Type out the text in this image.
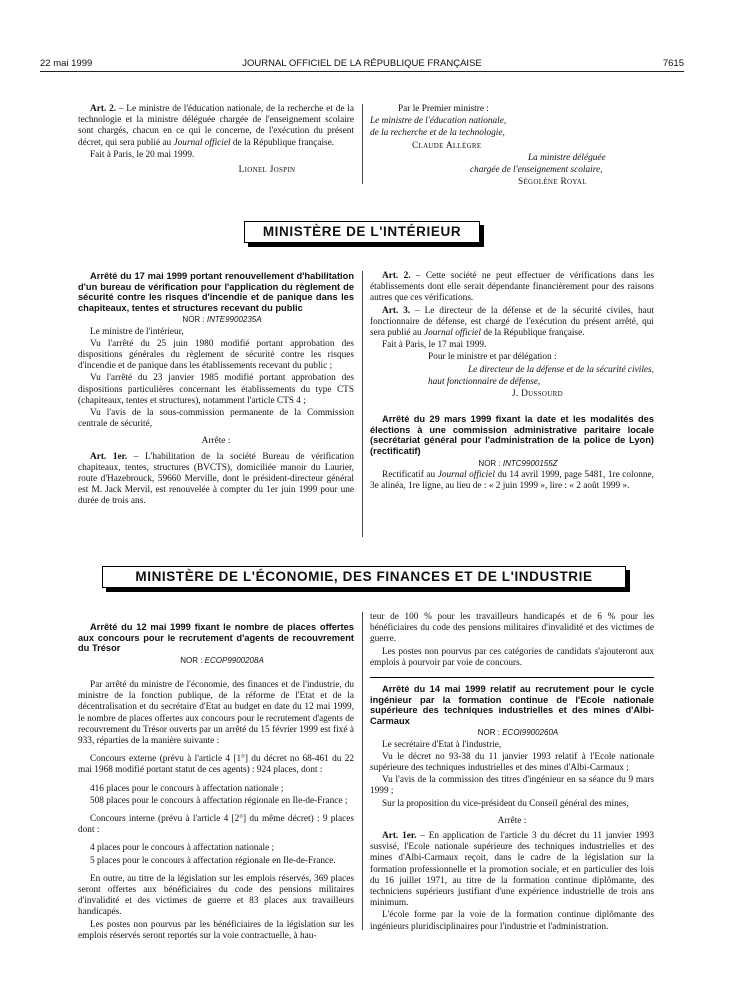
22 mai 1999	JOURNAL OFFICIEL DE LA RÉPUBLIQUE FRANÇAISE	7615

Art. 2. – Le ministre de l'éducation nationale, de la recherche et de la technologie et la ministre déléguée chargée de l'enseignement scolaire sont chargés, chacun en ce qui le concerne, de l'exécution du présent décret, qui sera publié au Journal officiel de la République française.

Fait à Paris, le 20 mai 1999.

Lionel Jospin

Par le Premier ministre :

Le ministre de l'éducation nationale,

de la recherche et de la technologie,

Claude Allègre

La ministre déléguée

chargée de l'enseignement scolaire,

Ségolène Royal

MINISTÈRE DE L'INTÉRIEUR

Arrêté du 17 mai 1999 portant renouvellement d'habilitation d'un bureau de vérification pour l'application du règlement de sécurité contre les risques d'incendie et de panique dans les chapiteaux, tentes et structures recevant du public

NOR : INTE9900235A

Le ministre de l'intérieur,

Vu l'arrêté du 25 juin 1980 modifié portant approbation des dispositions générales du règlement de sécurité contre les risques d'incendie et de panique dans les établissements recevant du public ;

Vu l'arrêté du 23 janvier 1985 modifié portant approbation des dispositions particulières concernant les établissements du type CTS (chapiteaux, tentes et structures), notamment l'article CTS 4 ;

Vu l'avis de la sous-commission permanente de la Commission centrale de sécurité,

Arrête :

Art. 1er. – L'habilitation de la société Bureau de vérification chapiteaux, tentes, structures (BVCTS), domiciliée manoir du Laurier, route d'Hazebrouck, 59660 Merville, dont le président-directeur général est M. Jack Mervil, est renouvelée à compter du 1er juin 1999 pour une durée de trois ans.

Art. 2. – Cette société ne peut effectuer de vérifications dans les établissements dont elle serait dépendante financièrement pour des raisons autres que ces vérifications.

Art. 3. – Le directeur de la défense et de la sécurité civiles, haut fonctionnaire de défense, est chargé de l'exécution du présent arrêté, qui sera publié au Journal officiel de la République française.

Fait à Paris, le 17 mai 1999.

Pour le ministre et par délégation :

Le directeur de la défense et de la sécurité civiles,

haut fonctionnaire de défense,

J. Dussourd

Arrêté du 29 mars 1999 fixant la date et les modalités des élections à une commission administrative paritaire locale (secrétariat général pour l'administration de la police de Lyon) (rectificatif)

NOR : INTC9900155Z

Rectificatif au Journal officiel du 14 avril 1999, page 5481, 1re colonne, 3e alinéa, 1re ligne, au lieu de : « 2 juin 1999 », lire : « 2 août 1999 ».

MINISTÈRE DE L'ÉCONOMIE, DES FINANCES ET DE L'INDUSTRIE

Arrêté du 12 mai 1999 fixant le nombre de places offertes aux concours pour le recrutement d'agents de recouvrement du Trésor

NOR : ECOP9900208A

Par arrêté du ministre de l'économie, des finances et de l'industrie, du ministre de la fonction publique, de la réforme de l'Etat et de la décentralisation et du secrétaire d'Etat au budget en date du 12 mai 1999, le nombre de places offertes aux concours pour le recrutement d'agents de recouvrement du Trésor ouverts par un arrêté du 15 février 1999 est fixé à 933, réparties de la manière suivante :

Concours externe (prévu à l'article 4 [1°] du décret no 68-461 du 22 mai 1968 modifié portant statut de ces agents) : 924 places, dont :

416 places pour le concours à affectation nationale ;

508 places pour le concours à affectation régionale en Ile-de-France ;

Concours interne (prévu à l'article 4 [2°] du même décret) : 9 places dont :

4 places pour le concours à affectation nationale ;

5 places pour le concours à affectation régionale en Ile-de-France.

En outre, au titre de la législation sur les emplois réservés, 369 places seront offertes aux bénéficiaires du code des pensions militaires d'invalidité et des victimes de guerre et 83 places aux travailleurs handicapés.

Les postes non pourvus par les bénéficiaires de la législation sur les emplois réservés seront reportés sur la voie contractuelle, à hau-

teur de 100 % pour les travailleurs handicapés et de 6 % pour les bénéficiaires du code des pensions militaires d'invalidité et des victimes de guerre.

Les postes non pourvus par ces catégories de candidats s'ajouteront aux emplois à pourvoir par voie de concours.

Arrêté du 14 mai 1999 relatif au recrutement pour le cycle ingénieur par la formation continue de l'Ecole nationale supérieure des techniques industrielles et des mines d'Albi-Carmaux

NOR : ECOI9900260A

Le secrétaire d'Etat à l'industrie,

Vu le décret no 93-38 du 11 janvier 1993 relatif à l'Ecole nationale supérieure des techniques industrielles et des mines d'Albi-Carmaux ;

Vu l'avis de la commission des titres d'ingénieur en sa séance du 9 mars 1999 ;

Sur la proposition du vice-président du Conseil général des mines,

Arrête :

Art. 1er. – En application de l'article 3 du décret du 11 janvier 1993 susvisé, l'Ecole nationale supérieure des techniques industrielles et des mines d'Albi-Carmaux reçoit, dans le cadre de la législation sur la formation professionnelle et la promotion sociale, et en particulier des lois du 16 juillet 1971, au titre de la formation continue diplômante, des techniciens supérieurs justifiant d'une expérience industrielle de trois ans minimum.

L'école forme par la voie de la formation continue diplômante des ingénieurs pluridisciplinaires pour l'industrie et l'administration.
